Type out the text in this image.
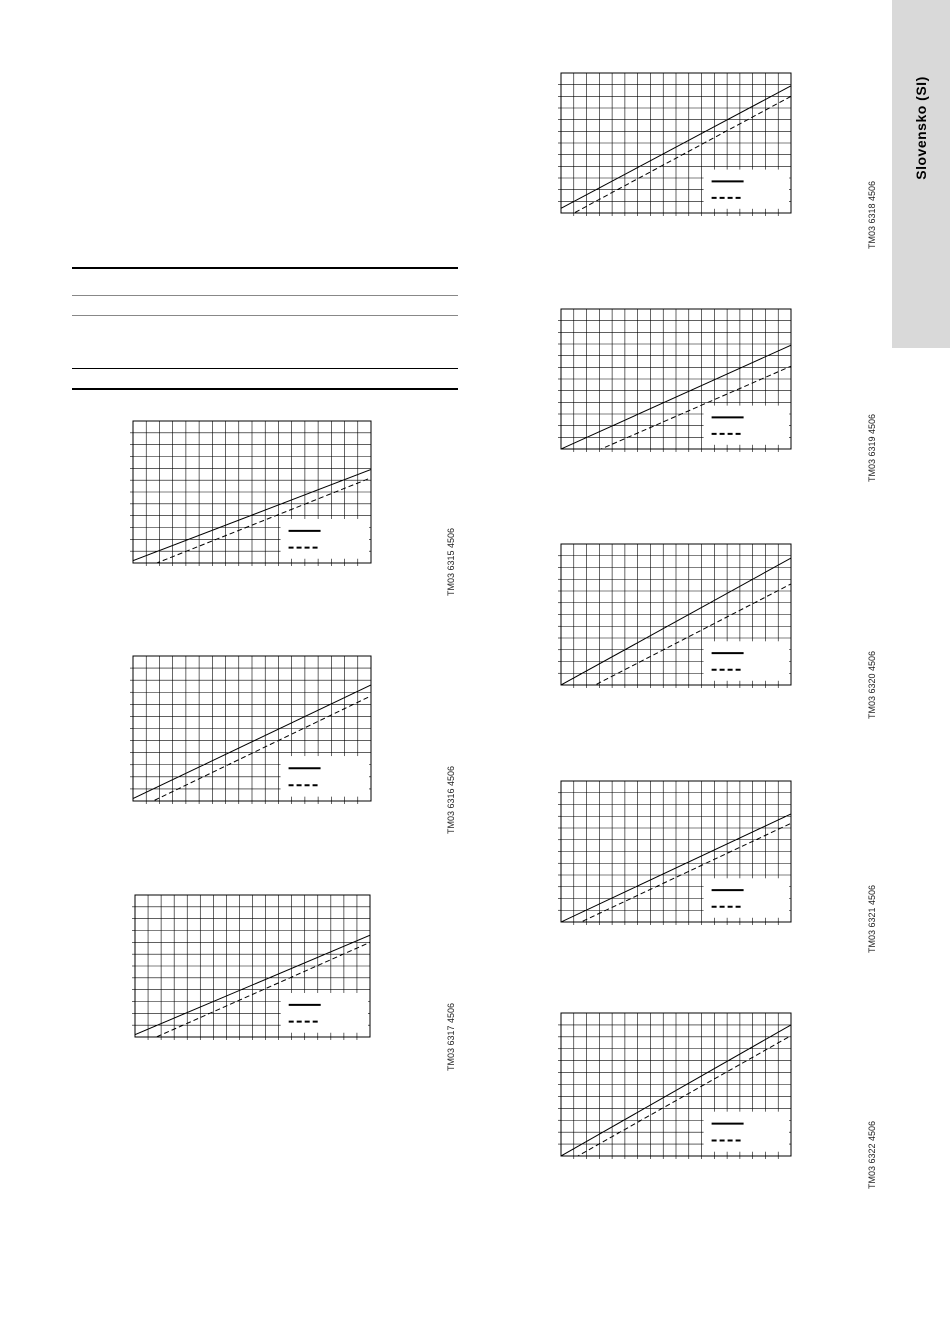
Slovensko (SI)
TM03 6315 4506
TM03 6316 4506
TM03 6317 4506
TM03 6318 4506
TM03 6319 4506
TM03 6320 4506
TM03 6321 4506
TM03 6322 4506
